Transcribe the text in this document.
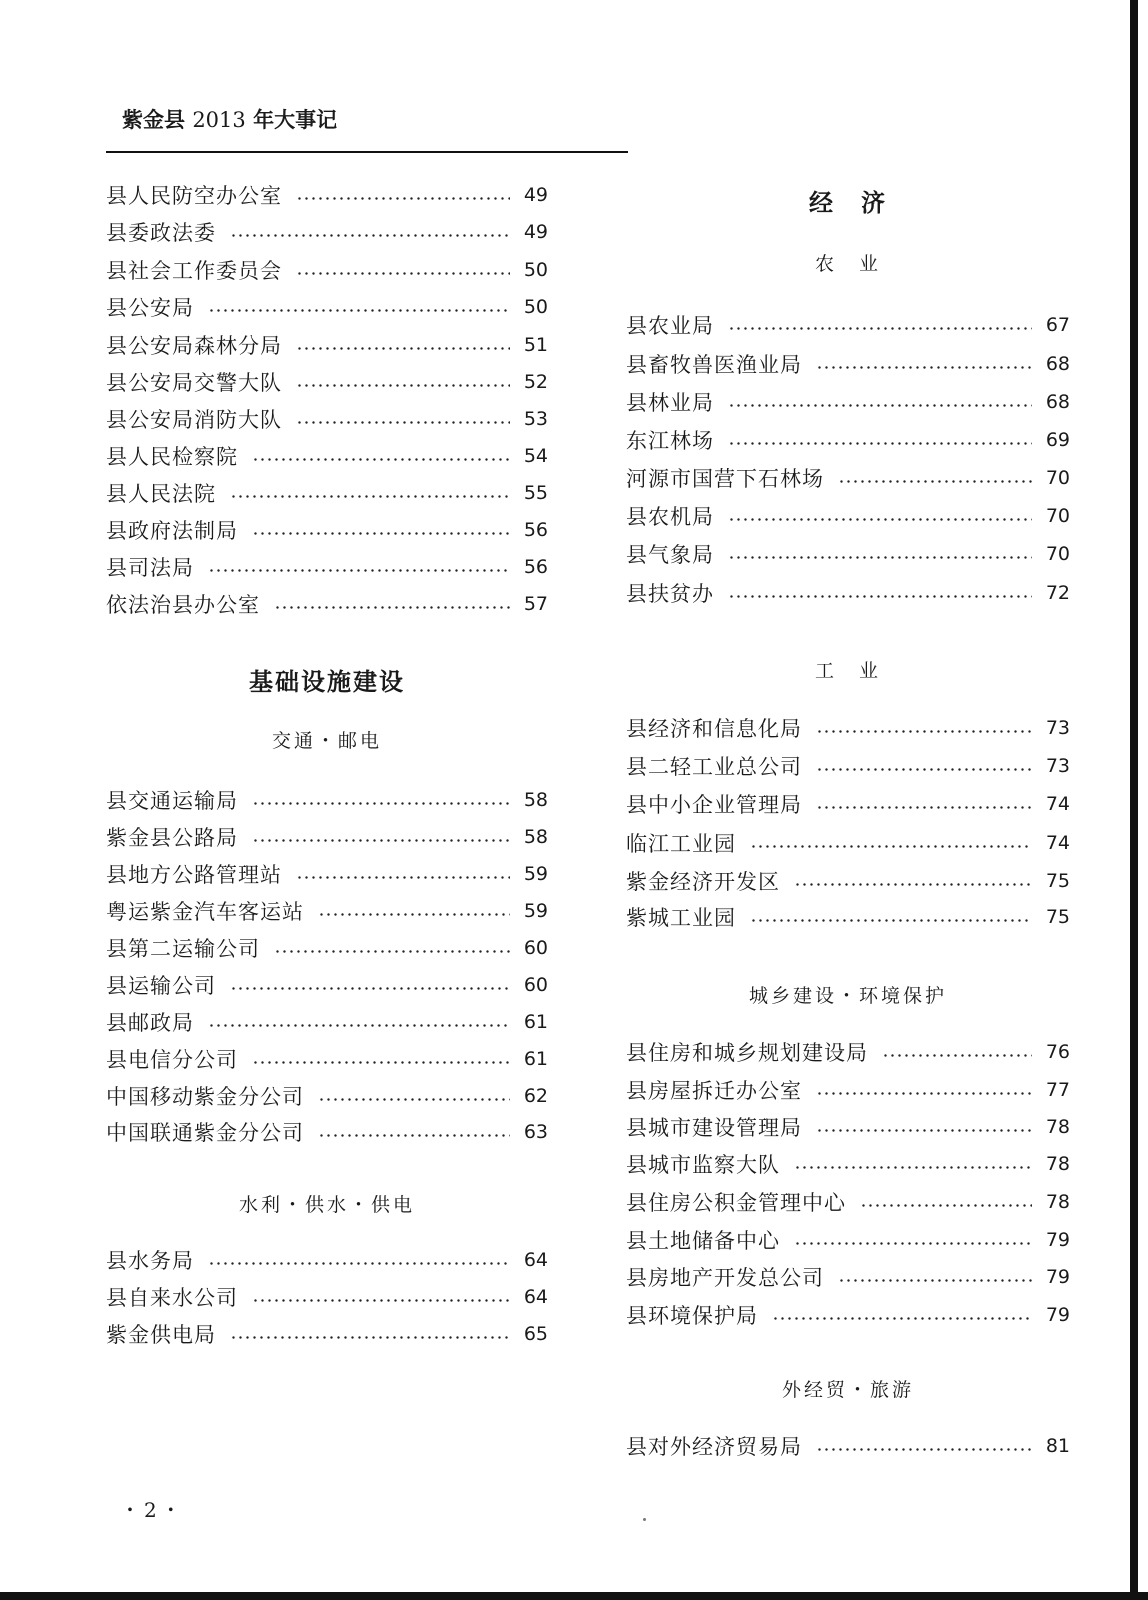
紫金县 2013 年大事记
县人民防空办公室	49
县委政法委	49
县社会工作委员会	50
县公安局	50
县公安局森林分局	51
县公安局交警大队	52
县公安局消防大队	53
县人民检察院	54
县人民法院	55
县政府法制局	56
县司法局	56
依法治县办公室	57
基础设施建设
交通・邮电
县交通运输局	58
紫金县公路局	58
县地方公路管理站	59
粤运紫金汽车客运站	59
县第二运输公司	60
县运输公司	60
县邮政局	61
县电信分公司	61
中国移动紫金分公司	62
中国联通紫金分公司	63
水利・供水・供电
县水务局	64
县自来水公司	64
紫金供电局	65
经　济
农　业
县农业局	67
县畜牧兽医渔业局	68
县林业局	68
东江林场	69
河源市国营下石林场	70
县农机局	70
县气象局	70
县扶贫办	72
工　业
县经济和信息化局	73
县二轻工业总公司	73
县中小企业管理局	74
临江工业园	74
紫金经济开发区	75
紫城工业园	75
城乡建设・环境保护
县住房和城乡规划建设局	76
县房屋拆迁办公室	77
县城市建设管理局	78
县城市监察大队	78
县住房公积金管理中心	78
县土地储备中心	79
县房地产开发总公司	79
县环境保护局	79
外经贸・旅游
县对外经济贸易局	81
・2・
